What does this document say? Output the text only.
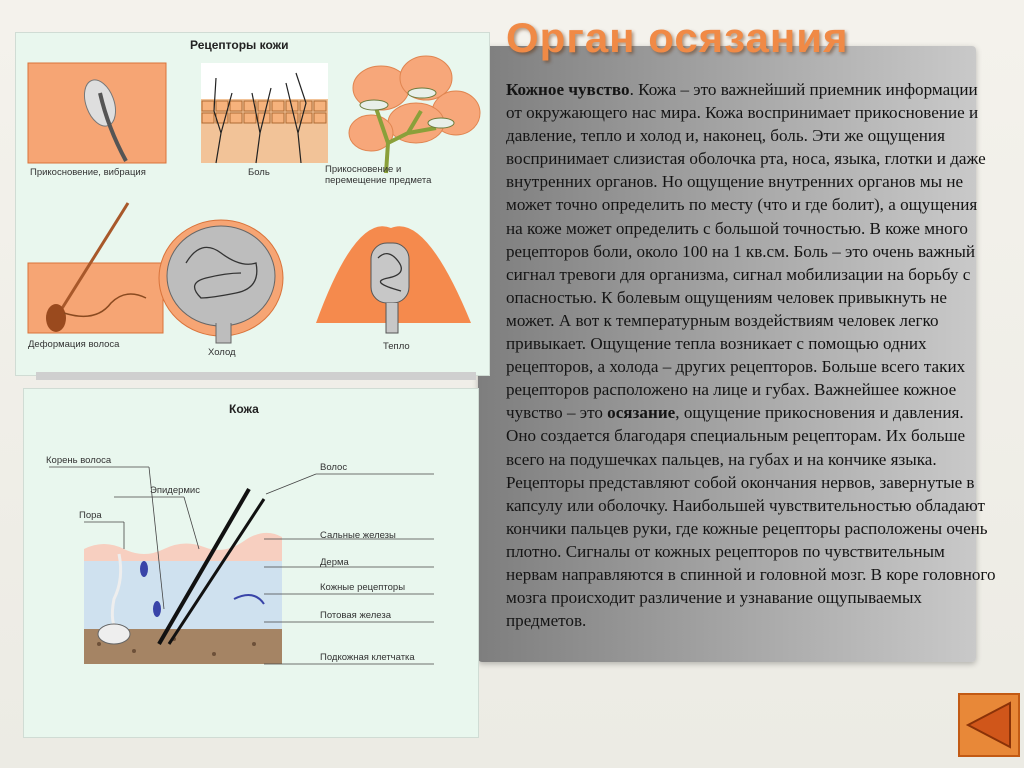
Орган осязания
Кожное чувство. Кожа – это важнейший приемник информации от окружающего нас мира. Кожа воспринимает прикосновение и давление, тепло и холод и, наконец, боль. Эти же ощущения воспринимает слизистая оболочка рта, носа, языка, глотки и даже внутренних органов. Но ощущение внутренних органов мы не может точно определить по месту (что и где болит), а ощущения на коже может определить с большой точностью. В коже много рецепторов боли, около 100 на 1 кв.см. Боль – это очень важный сигнал тревоги для организма, сигнал мобилизации на борьбу с опасностью. К болевым ощущениям человек привыкнуть не может. А вот к температурным воздействиям человек легко привыкает. Ощущение тепла возникает с помощью одних рецепторов, а холода – других рецепторов. Больше всего таких рецепторов расположено на лице и губах. Важнейшее кожное чувство – это осязание, ощущение прикосновения и давления. Оно создается благодаря специальным рецепторам. Их больше всего на подушечках пальцев, на губах и на кончике языка. Рецепторы представляют собой окончания нервов, завернутые в капсулу или оболочку. Наибольшей чувствительностью обладают кончики пальцев руки, где кожные рецепторы расположены очень плотно. Сигналы от кожных рецепторов по чувствительным нервам направляются в спинной и головной мозг. В коре головного мозга происходит различение и узнавание ощупываемых предметов.
Рецепторы кожи
Прикосновение, вибрация	Боль	Прикосновение и перемещение предмета
Деформация волоса
Холод
Тепло
Кожа
Корень волоса
Эпидермис
Пора
Волос
Сальные железы
Дерма
Кожные рецепторы
Потовая железа
Подкожная клетчатка
